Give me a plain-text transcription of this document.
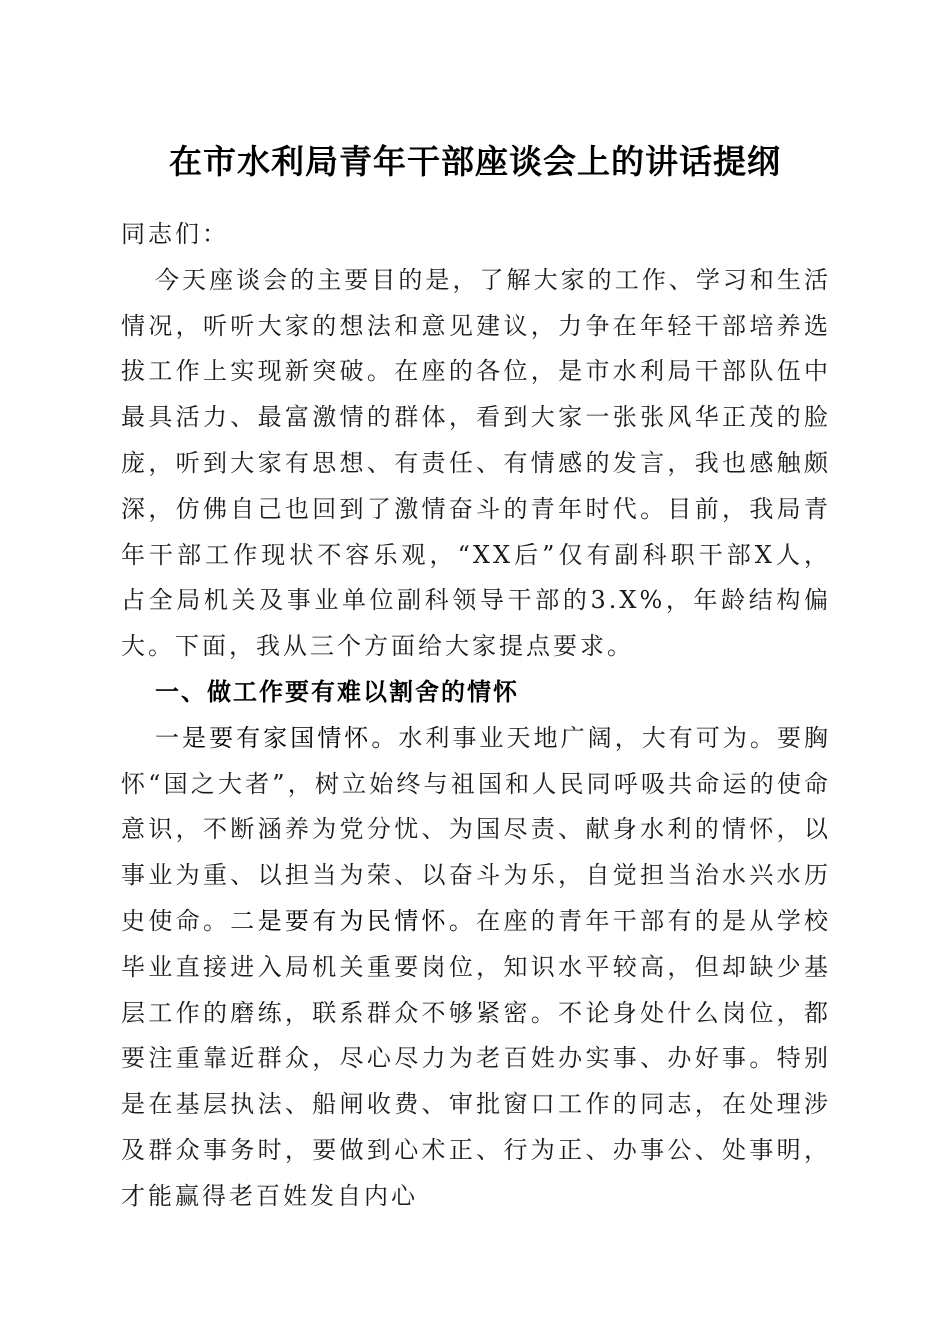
在市水利局青年干部座谈会上的讲话提纲

同志们：

今天座谈会的主要目的是，了解大家的工作、学习和生活情况，听听大家的想法和意见建议，力争在年轻干部培养选拔工作上实现新突破。在座的各位，是市水利局干部队伍中最具活力、最富激情的群体，看到大家一张张风华正茂的脸庞，听到大家有思想、有责任、有情感的发言，我也感触颇深，仿佛自己也回到了激情奋斗的青年时代。目前，我局青年干部工作现状不容乐观，“XX后”仅有副科职干部X人，占全局机关及事业单位副科领导干部的3.X%，年龄结构偏大。下面，我从三个方面给大家提点要求。

一、做工作要有难以割舍的情怀

一是要有家国情怀。水利事业天地广阔，大有可为。要胸怀“国之大者”，树立始终与祖国和人民同呼吸共命运的使命意识，不断涵养为党分忧、为国尽责、献身水利的情怀，以事业为重、以担当为荣、以奋斗为乐，自觉担当治水兴水历史使命。二是要有为民情怀。在座的青年干部有的是从学校毕业直接进入局机关重要岗位，知识水平较高，但却缺少基层工作的磨练，联系群众不够紧密。不论身处什么岗位，都要注重靠近群众，尽心尽力为老百姓办实事、办好事。特别是在基层执法、船闸收费、审批窗口工作的同志，在处理涉及群众事务时，要做到心术正、行为正、办事公、处事明，才能赢得老百姓发自内心
